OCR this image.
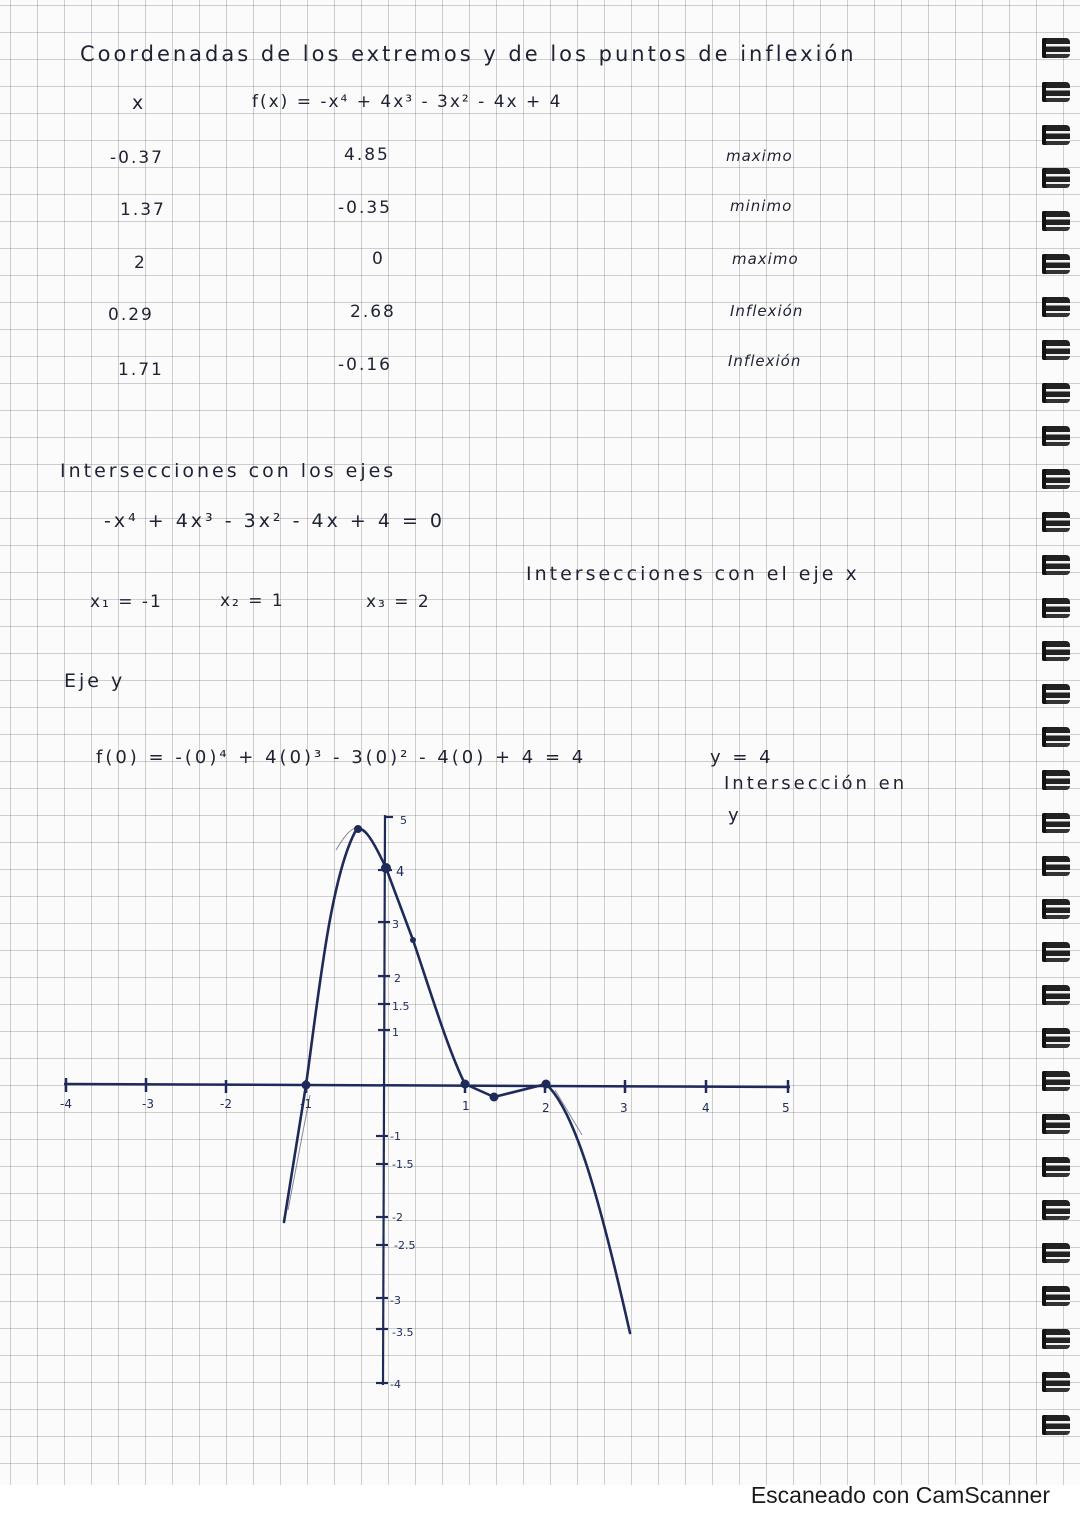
Coordenadas de los extremos y de los puntos de inflexión
x	f(x) = -x⁴ + 4x³ - 3x² - 4x + 4
-0.37	4.85	maximo
1.37	-0.35	minimo
2	0	maximo
0.29	2.68	Inflexión
1.71	-0.16	Inflexión
Intersecciones con los ejes
-x⁴ + 4x³ - 3x² - 4x + 4 = 0
Intersecciones con el eje x
x₁ = -1	x₂ = 1	x₃ = 2
Eje y
f(0) = -(0)⁴ + 4(0)³ - 3(0)² - 4(0) + 4 = 4	y = 4
Intersección en
y
-4	-3	-2	-1	1	2	3	4	5
5
4
3
2
1.5
1
-1
-1.5
-2
-2.5
-3
-3.5
-4
Escaneado con CamScanner
